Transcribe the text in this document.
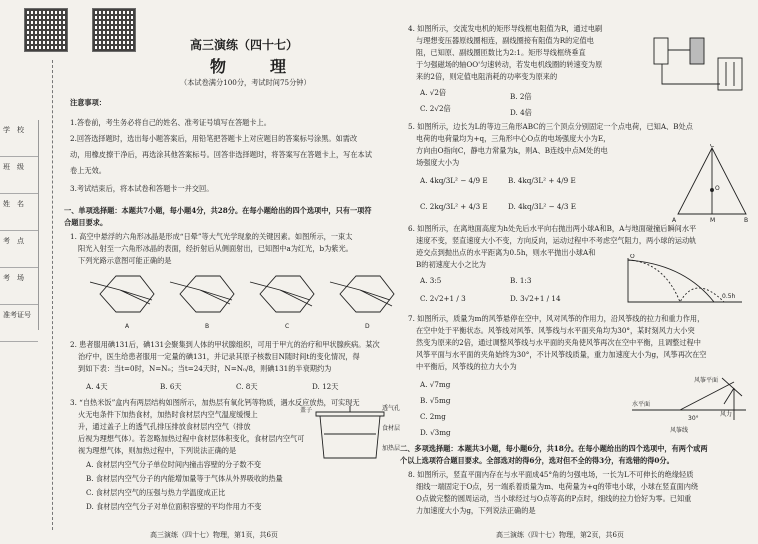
高三演练（四十七）
物　理
（本试卷满分100分，考试时间75分钟）
学　校
班　级
姓　名
考　点
考　场
准考证号
注意事项：
1.答卷前，考生务必将自己的姓名、准考证号填写在答题卡上。
2.回答选择题时，选出每小题答案后，用铅笔把答题卡上对应题目的答案标号涂黑。如需改
动，用橡皮擦干净后，再选涂其他答案标号。回答非选择题时，将答案写在答题卡上，写在本试
卷上无效。
3.考试结束后，将本试卷和答题卡一并交回。
一、单项选择题：本题共7小题，每小题4分，共28分。在每小题给出的四个选项中，只有一项符
合题目要求。
1. 高空中悬浮的六角形冰晶是形成“日晕”等大气光学现象的关键因素。如图所示，一束太
阳光入射至一六角形冰晶的表面，经折射后从侧面射出，已知图中a为红光，b为紫光。
下列光路示意图可能正确的是
A	B	C	D
2. 患者服用碘131后，碘131会聚集到人体的甲状腺组织，可用于甲亢的治疗和甲状腺疾病。某次
治疗中，医生给患者服用一定量的碘131，并记录其原子核数目N随时间t的变化情况，得
到如下表：当t=0时，N=N₀；当t=24天时，N=N₀/8，则碘131的半衰期约为
A. 4天	B. 6天	C. 8天	D. 12天
3. “自热米饭”盒内有两层结构如图所示，加热层有氧化钙等物质，遇水反应放热，可实现无
火无电条件下加热食材，加热时食材层内空气温度缓慢上
升，通过盖子上的透气孔排压排放食材层内空气（排放
后视为理想气体）。若忽略加热过程中食材层体积变化，食材层内空气可
视为理想气体，则加热过程中，下列说法正确的是
A. 食材层内空气分子单位时间内撞击容壁的分子数不变
B. 食材层内空气分子的内能增加量等于气体从外界吸收的热量
C. 食材层内空气的压强与热力学温度成正比
D. 食材层内空气分子对单位面积容壁的平均作用力不变
透气孔
盖子
食材层
加热层
4. 如图所示，交流发电机的矩形导线框电阻值为R，通过电刷
与理想变压器原线圈相连，副线圈接有阻值为R的定值电
阻，已知原、副线圈匝数比为2:1。矩形导线框绕垂直
于匀强磁场的轴OO'匀速转动，若发电机线圈的转速变为原
来的2倍，则定值电阻消耗的功率变为原来的
A. √2倍	B. 2倍
C. 2√2倍	D. 4倍
5. 如图所示，边长为L的等边三角形ABC的三个顶点分别固定一个点电荷，已知A、B处点
电荷的电荷量均为+q，三角形中心O点的电场强度大小为E，
方向由O指向C，静电力常量为k，则A、B连线中点M处的电
场强度大小为
A. 4kq/3L² − 4/9 E	B. 4kq/3L² + 4/9 E
C. 2kq/3L² + 4/3 E	D. 4kq/3L² − 4/3 E
C
A	B
O
M
6. 如图所示，在离地面高度为h处先后水平向右抛出两小球A和B，A与地面碰撞后瞬间水平
速度不变，竖直速度大小不变，方向反向，运动过程中不考虑空气阻力，两小球的运动轨
迹交点到抛出点的水平距离为0.5h，则水平抛出小球A和
B的初速度大小之比为
A. 3:5	B. 1:3
C. 2√2+1 / 3	D. 3√2+1 / 14
O
0.5h
7. 如图所示，质量为m的风筝悬停在空中，风对风筝的作用力，沿风筝线的拉力和重力作用，
在空中处于平衡状态。风筝线对风筝、风筝线与水平面夹角均为30°，某时刻风力大小突
然变为原来的2倍，通过调整风筝线与水平面的夹角使风筝再次在空中平衡，且调整过程中
风筝平面与水平面的夹角始终为30°，不计风筝线质量，重力加速度大小为g，风筝再次在空
中平衡后，风筝线的拉力大小为
A. √7mg
B. √5mg
C. 2mg
D. √3mg
风筝平面
水平面
风力
风筝线
30°
二、多项选择题：本题共3小题，每小题6分，共18分。在每小题给出的四个选项中，有两个或两
个以上选项符合题目要求。全部选对的得6分，选对但不全的得3分，有选错的得0分。
8. 如图所示，竖直平面内存在与水平面成45°角的匀强电场，一长为L不可伸长的绝缘轻质
细线一端固定于O点，另一端系着质量为m、电荷量为+q的带电小球，小球在竖直面内绕
O点做完整的圆周运动，当小球经过与O点等高的P点时，细线的拉力恰好为零。已知重
力加速度大小为g，下列说法正确的是
高三演练（四十七）物理，第1页，共6页	高三演练（四十七）物理，第2页，共6页
